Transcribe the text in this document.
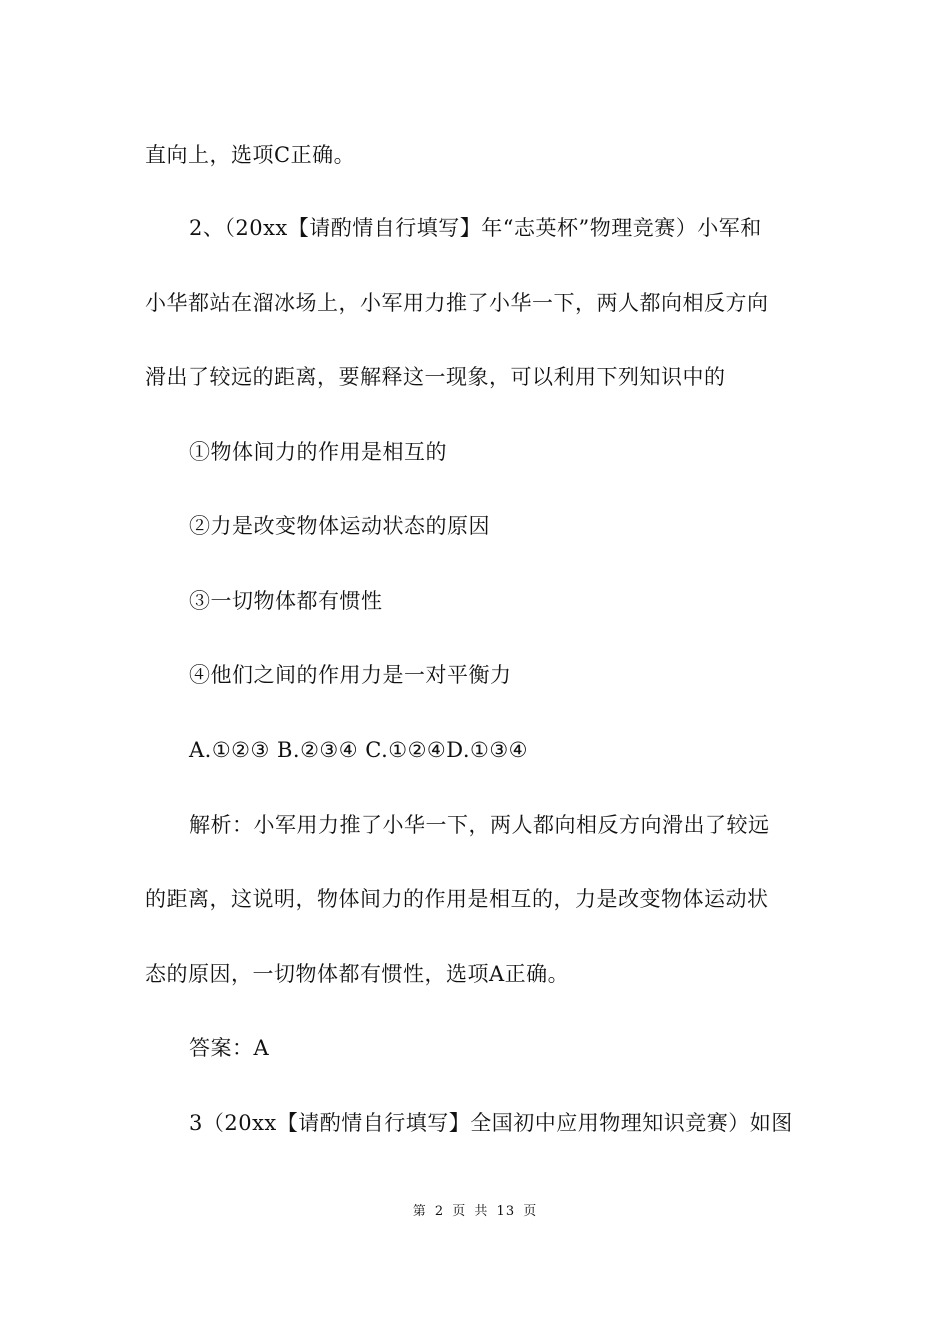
直向上，选项C正确。
2、（20xx【请酌情自行填写】年“志英杯”物理竞赛）小军和
小华都站在溜冰场上，小军用力推了小华一下，两人都向相反方向
滑出了较远的距离，要解释这一现象，可以利用下列知识中的
①物体间力的作用是相互的
②力是改变物体运动状态的原因
③一切物体都有惯性
④他们之间的作用力是一对平衡力
A.①②③ B.②③④ C.①②④D.①③④
解析：小军用力推了小华一下，两人都向相反方向滑出了较远
的距离，这说明，物体间力的作用是相互的，力是改变物体运动状
态的原因，一切物体都有惯性，选项A正确。
答案：A
3（20xx【请酌情自行填写】全国初中应用物理知识竞赛）如图
第 2 页 共 13 页
